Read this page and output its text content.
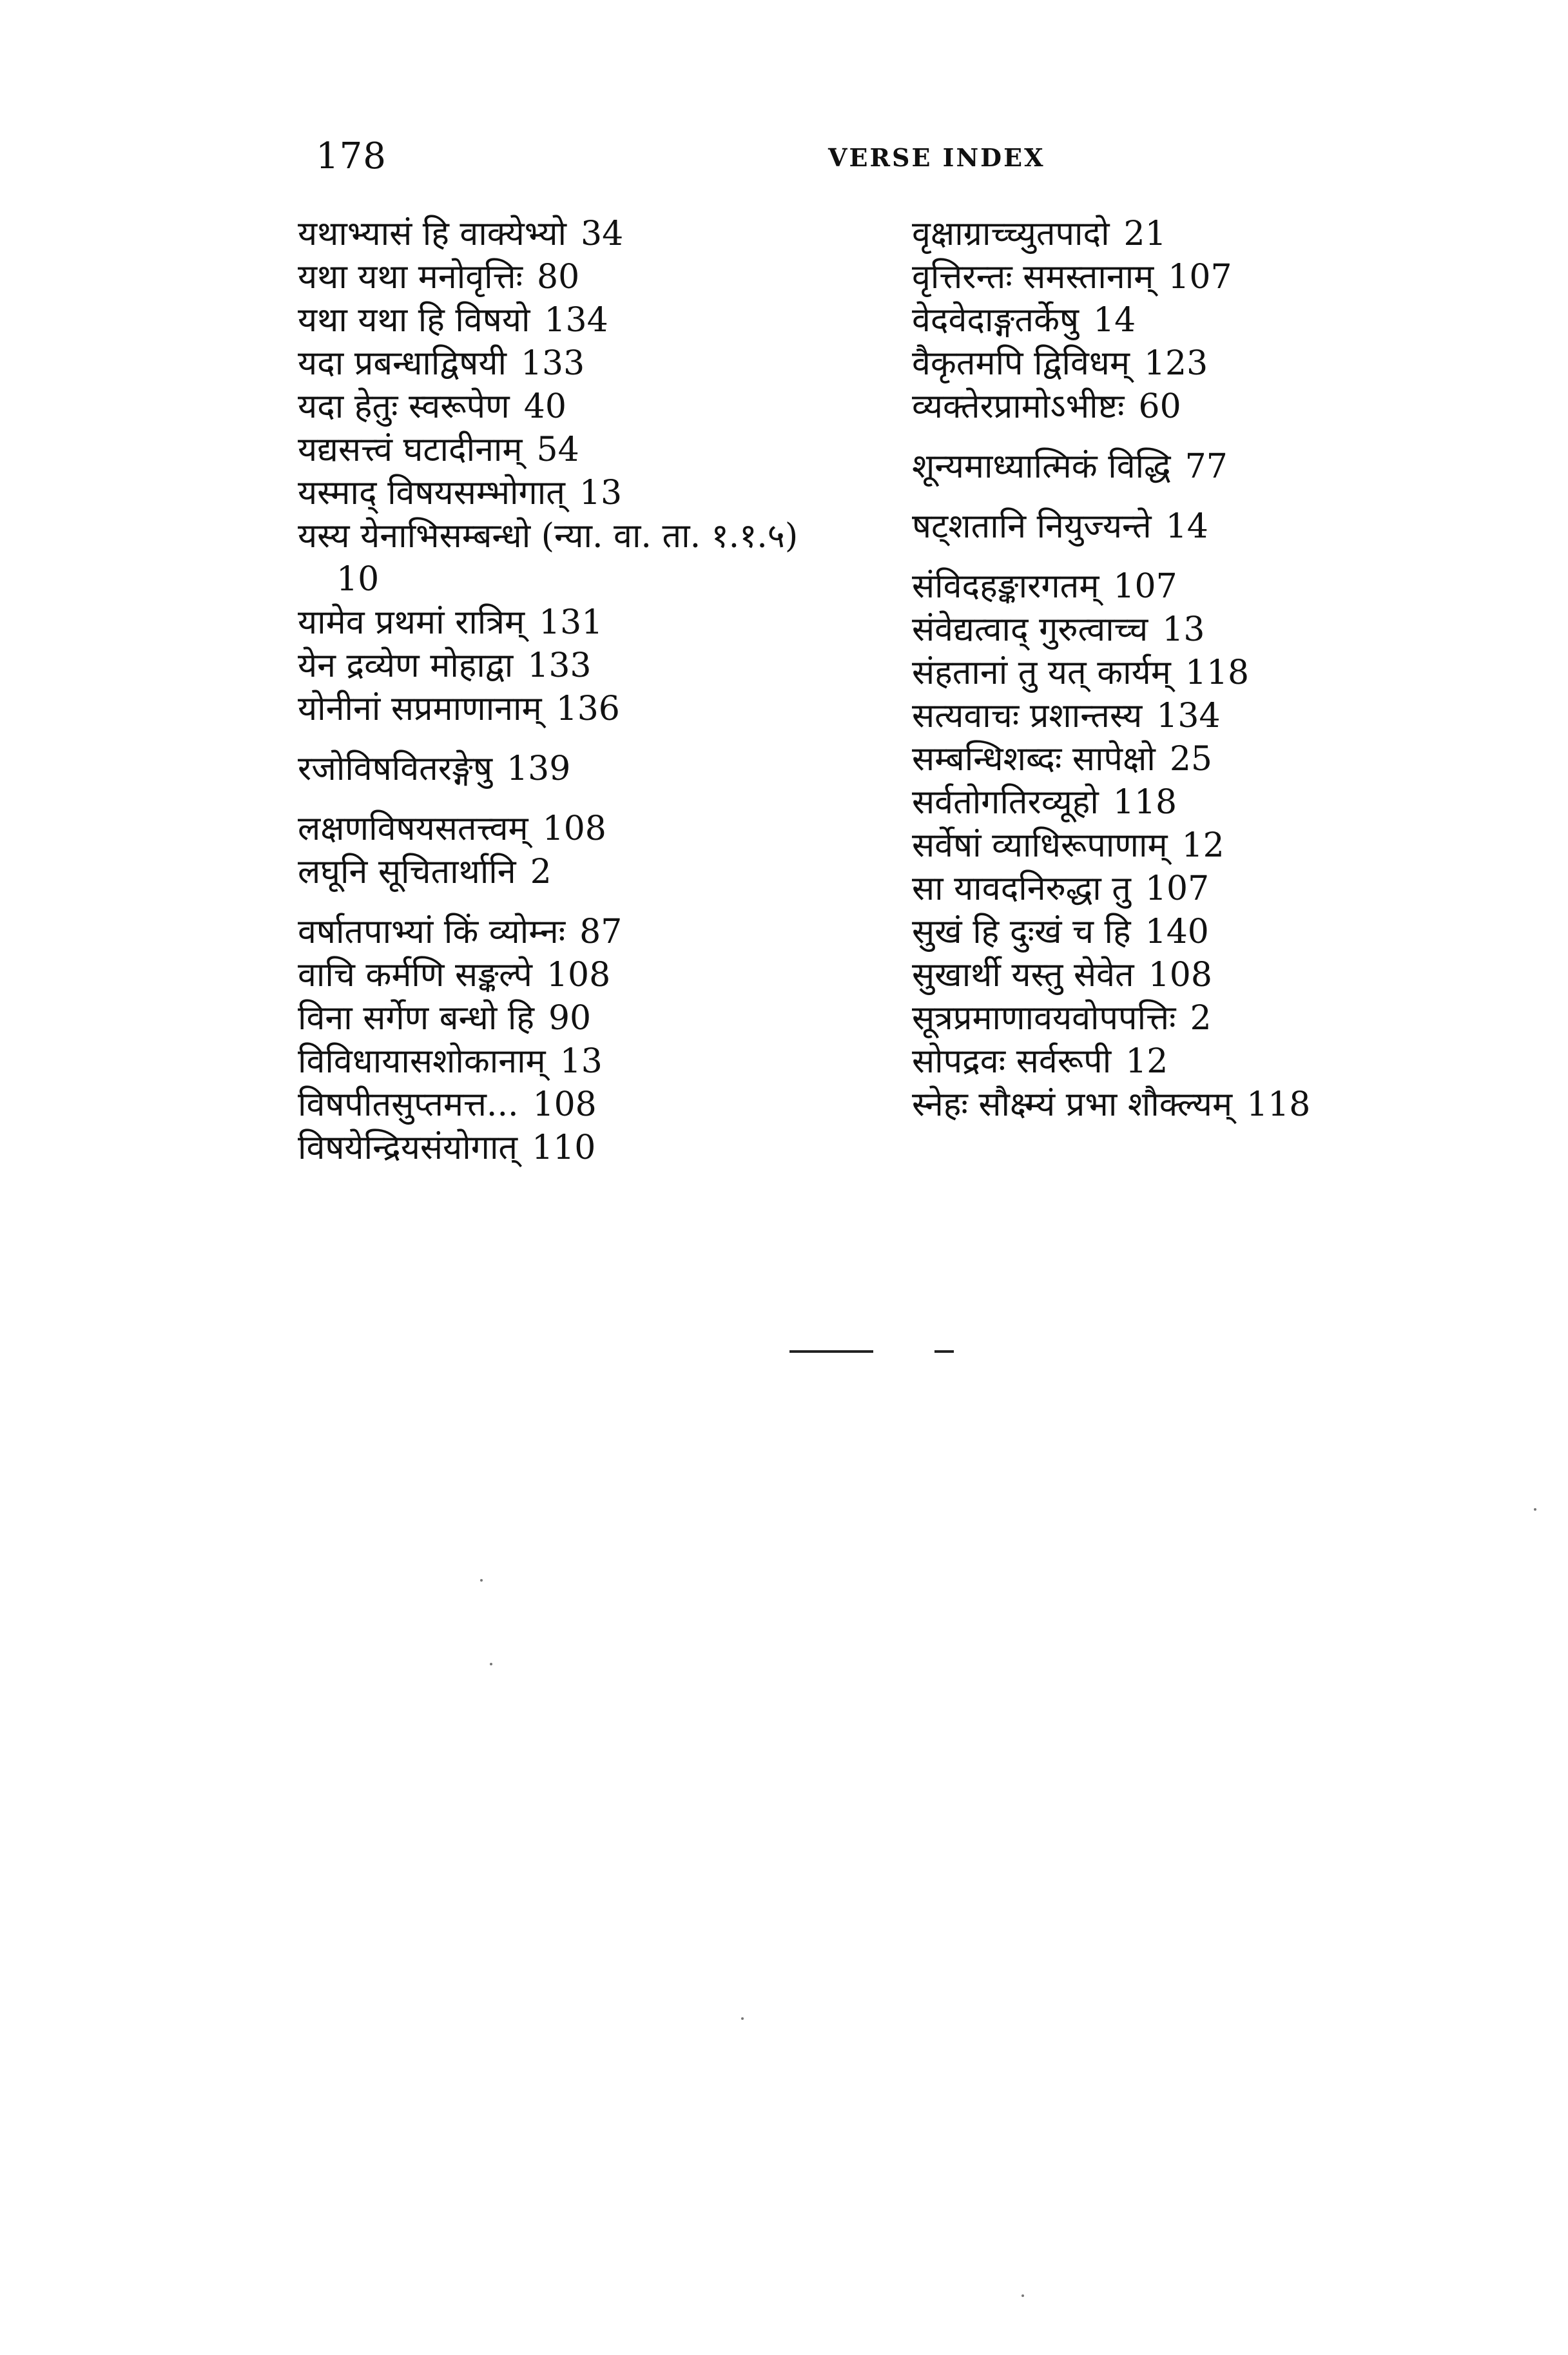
178	VERSE INDEX
यथाभ्यासं हि वाक्येभ्यो 34
यथा यथा मनोवृत्तिः 80
यथा यथा हि विषयो 134
यदा प्रबन्धाद्विषयी 133
यदा हेतुः स्वरूपेण 40
यद्यसत्त्वं घटादीनाम् 54
यस्माद् विषयसम्भोगात् 13
यस्य येनाभिसम्बन्धो (न्या. वा. ता. १.१.५)
10
यामेव प्रथमां रात्रिम् 131
येन द्रव्येण मोहाद्वा 133
योनीनां सप्रमाणानाम् 136
रजोविषवितरङ्गेषु 139
लक्षणविषयसतत्त्वम् 108
लघूनि सूचितार्थानि 2
वर्षातपाभ्यां किं व्योम्नः 87
वाचि कर्मणि सङ्कल्पे 108
विना सर्गेण बन्धो हि 90
विविधायासशोकानाम् 13
विषपीतसुप्तमत्त... 108
विषयेन्द्रियसंयोगात् 110
वृक्षाग्राच्च्युतपादो 21
वृत्तिरन्तः समस्तानाम् 107
वेदवेदाङ्गतर्केषु 14
वैकृतमपि द्विविधम् 123
व्यक्तेरप्रामोऽभीष्टः 60
शून्यमाध्यात्मिकं विद्धि 77
षट्शतानि नियुज्यन्ते 14
संविदहङ्कारगतम् 107
संवेद्यत्वाद् गुरुत्वाच्च 13
संहतानां तु यत् कार्यम् 118
सत्यवाचः प्रशान्तस्य 134
सम्बन्धिशब्दः सापेक्षो 25
सर्वतोगतिरव्यूहो 118
सर्वेषां व्याधिरूपाणाम् 12
सा यावदनिरुद्धा तु 107
सुखं हि दुःखं च हि 140
सुखार्थी यस्तु सेवेत 108
सूत्रप्रमाणावयवोपपत्तिः 2
सोपद्रवः सर्वरूपी 12
स्नेहः सौक्ष्म्यं प्रभा शौक्ल्यम् 118
